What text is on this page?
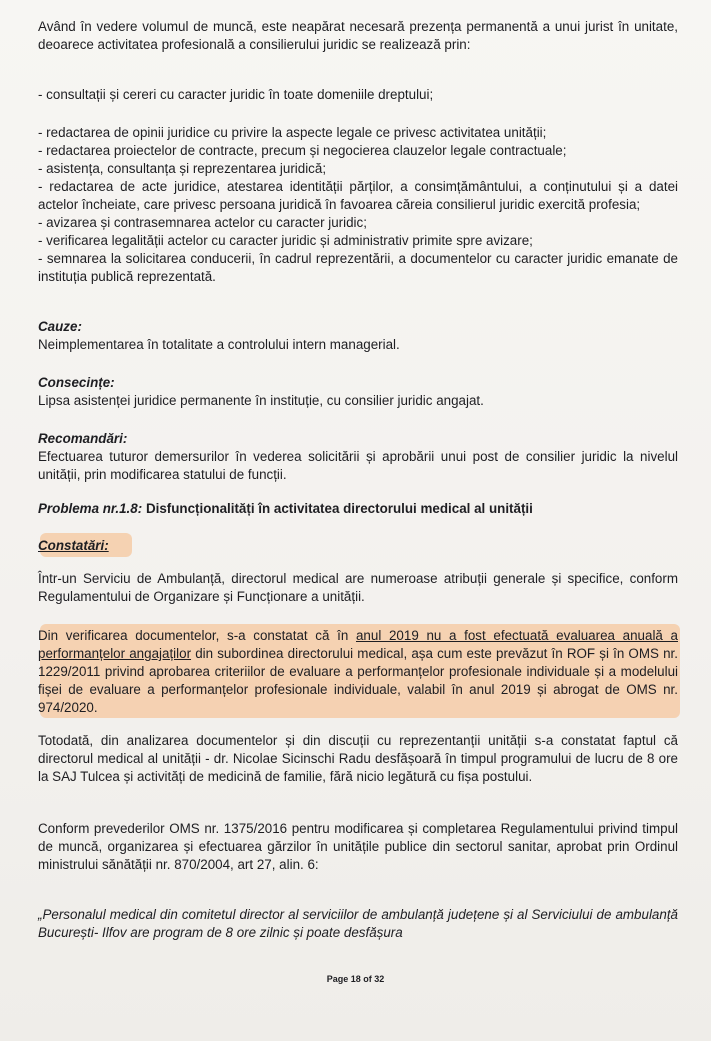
Având în vedere volumul de muncă, este neapărat necesară prezența permanentă a unui jurist în unitate, deoarece activitatea profesională a consilierului juridic se realizează prin:
- consultații și cereri cu caracter juridic în toate domeniile dreptului;

- redactarea de opinii juridice cu privire la aspecte legale ce privesc activitatea unității;

- redactarea proiectelor de contracte, precum și negocierea clauzelor legale contractuale;

- asistența, consultanța și reprezentarea juridică;

- redactarea de acte juridice, atestarea identității părților, a consimțământului, a conținutului și a datei actelor încheiate, care privesc persoana juridică în favoarea căreia consilierul juridic exercită profesia;

- avizarea și contrasemnarea actelor cu caracter juridic;

- verificarea legalității actelor cu caracter juridic și administrativ primite spre avizare;

- semnarea la solicitarea conducerii, în cadrul reprezentării, a documentelor cu caracter juridic emanate de instituția publică reprezentată.

Cauze:

Neimplementarea în totalitate a controlului intern managerial.

Consecințe:

Lipsa asistenței juridice permanente în instituție, cu consilier juridic angajat.

Recomandări:

Efectuarea tuturor demersurilor în vederea solicitării și aprobării unui post de consilier juridic la nivelul unității, prin modificarea statului de funcții.

Problema nr.1.8: Disfuncționalități în activitatea directorului medical al unității
Constatări:
Într-un Serviciu de Ambulanță, directorul medical are numeroase atribuții generale și specifice, conform Regulamentului de Organizare și Funcționare a unității.
Din verificarea documentelor, s-a constatat că în anul 2019 nu a fost efectuată evaluarea anuală a performanțelor angajaților din subordinea directorului medical, așa cum este prevăzut în ROF și în OMS nr. 1229/2011 privind aprobarea criteriilor de evaluare a performanțelor profesionale individuale și a modelului fișei de evaluare a performanțelor profesionale individuale, valabil în anul 2019 și abrogat de OMS nr. 974/2020.
Totodată, din analizarea documentelor și din discuții cu reprezentanții unității s-a constatat faptul că directorul medical al unității - dr. Nicolae Sicinschi Radu desfășoară în timpul programului de lucru de 8 ore la SAJ Tulcea și activități de medicină de familie, fără nicio legătură cu fișa postului.
Conform prevederilor OMS nr. 1375/2016 pentru modificarea și completarea Regulamentului privind timpul de muncă, organizarea și efectuarea gărzilor în unitățile publice din sectorul sanitar, aprobat prin Ordinul ministrului sănătății nr. 870/2004, art 27, alin. 6:
„Personalul medical din comitetul director al serviciilor de ambulanță județene și al Serviciului de ambulanță București- Ilfov are program de 8 ore zilnic și poate desfășura
Page 18 of 32
